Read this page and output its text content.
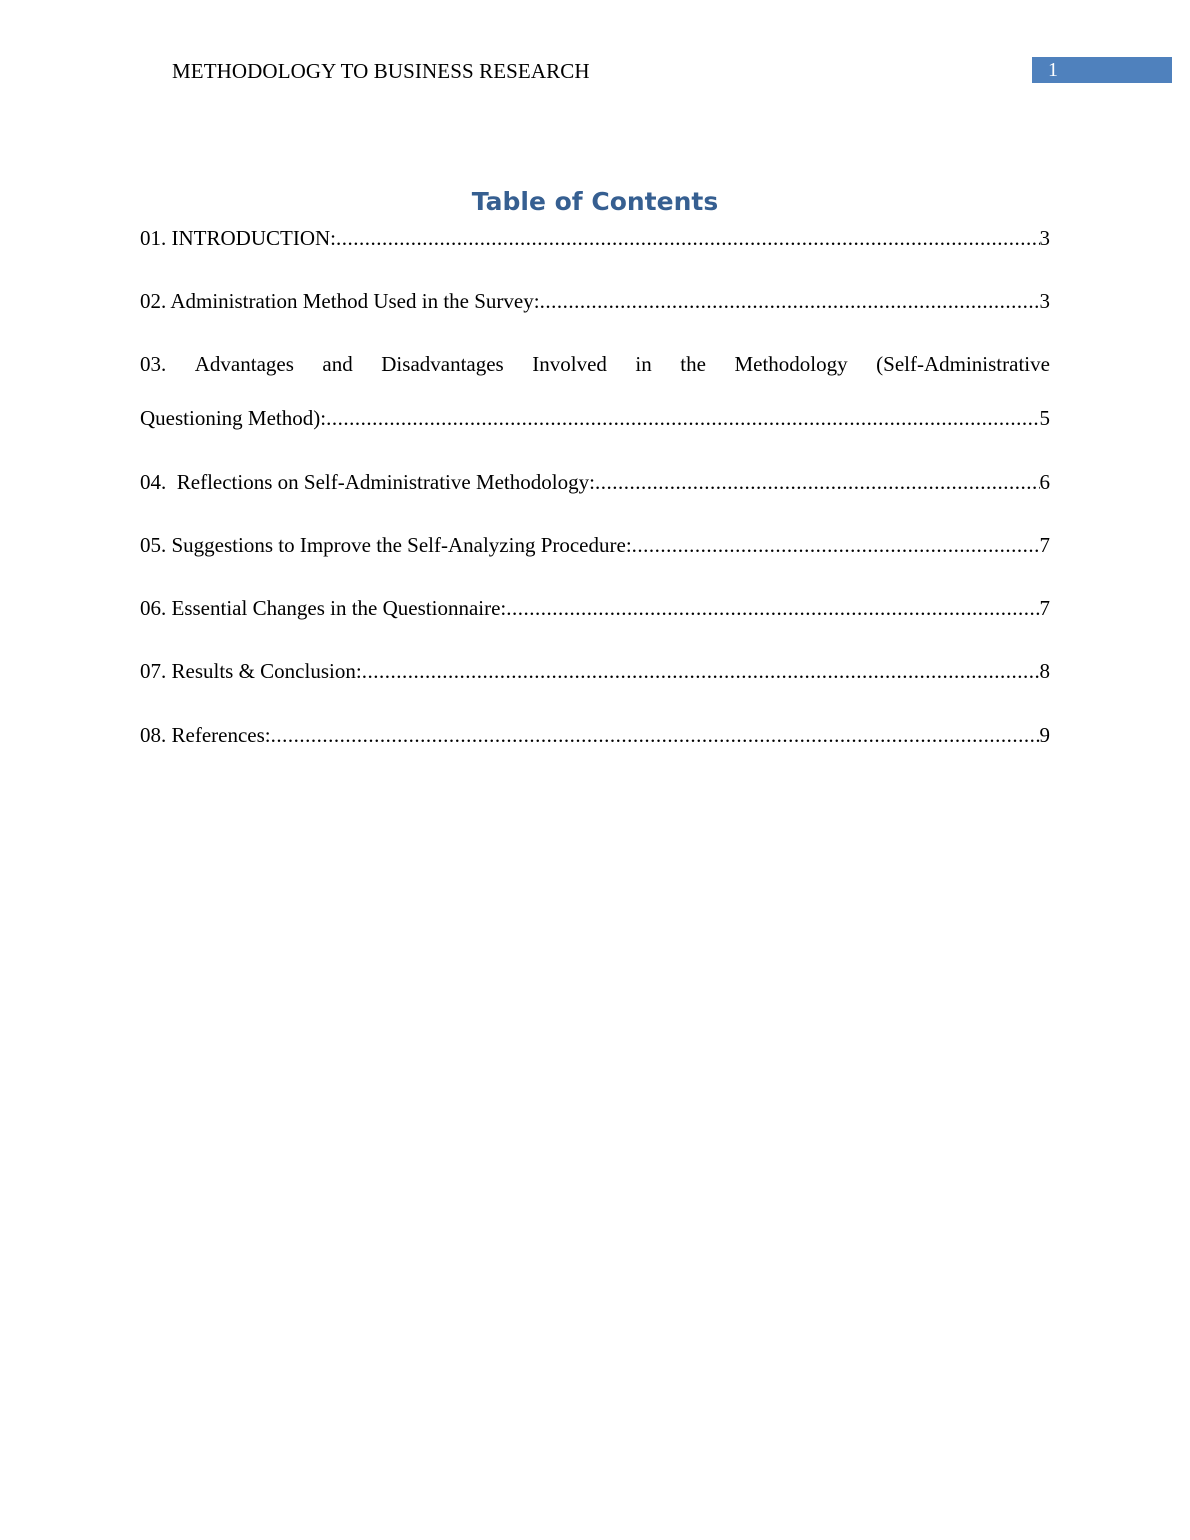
METHODOLOGY TO BUSINESS RESEARCH	1
Table of Contents
01. INTRODUCTION: .....	3
02. Administration Method Used in the Survey: .....	3
03. Advantages and Disadvantages Involved in the Methodology (Self-Administrative
Questioning Method): .....	5
04.  Reflections on Self-Administrative Methodology: .....	6
05. Suggestions to Improve the Self-Analyzing Procedure: .....	7
06. Essential Changes in the Questionnaire: .....	7
07. Results & Conclusion: .....	8
08. References: .....	9
